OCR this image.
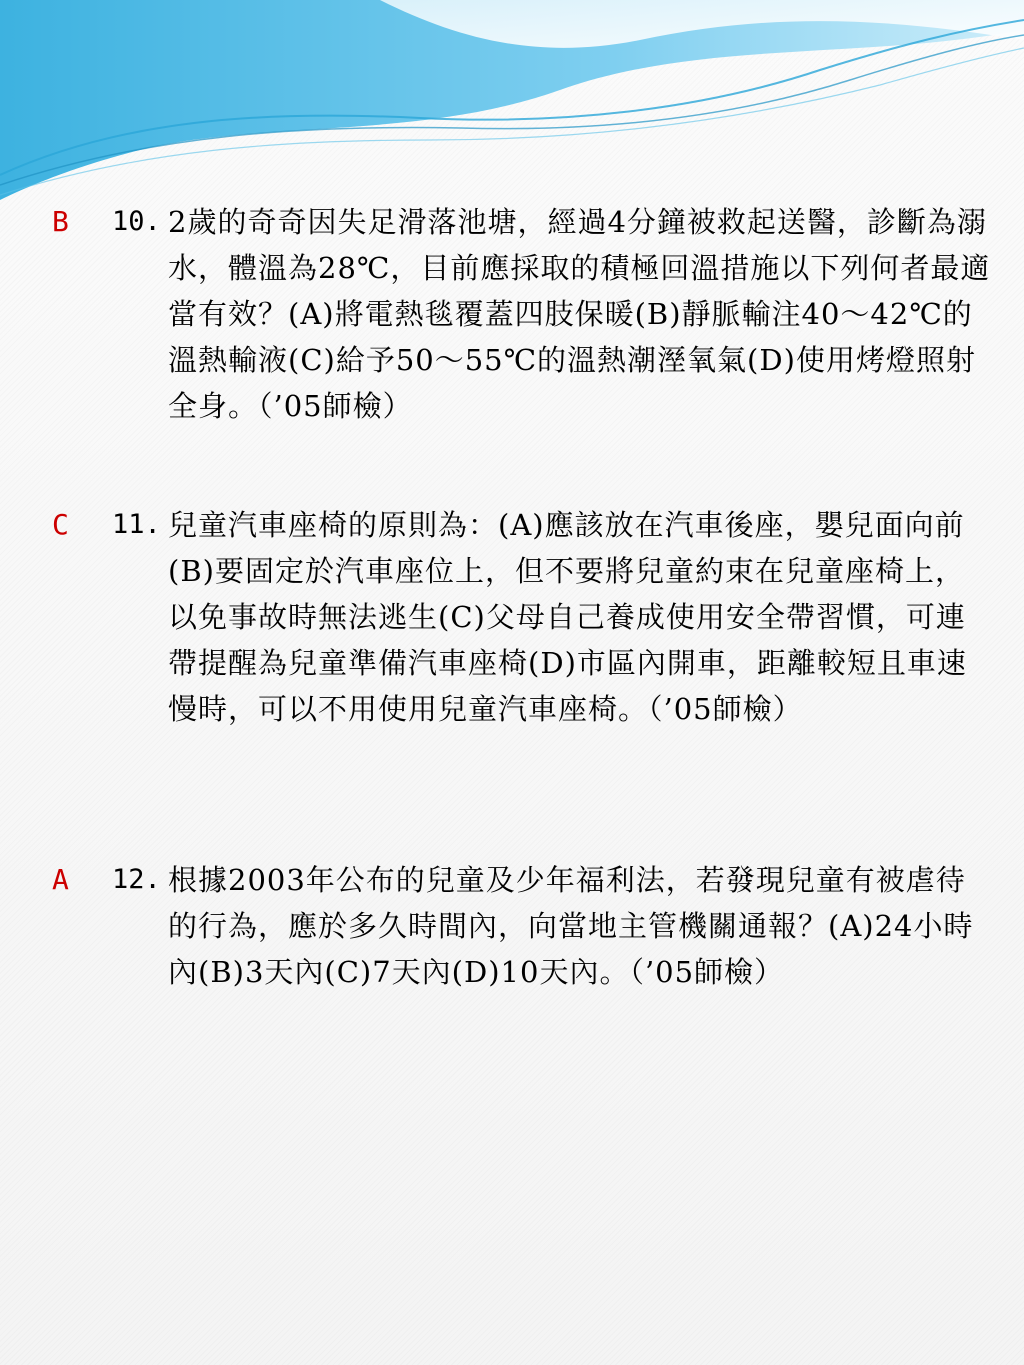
B	10. 2歲的奇奇因失足滑落池塘，經過4分鐘被救起送醫，診斷為溺水，體溫為28℃，目前應採取的積極回溫措施以下列何者最適當有效？(A)將電熱毯覆蓋四肢保暖(B)靜脈輸注40～42℃的溫熱輸液(C)給予50～55℃的溫熱潮溼氧氣(D)使用烤燈照射全身。（’05師檢）
C	11. 兒童汽車座椅的原則為：(A)應該放在汽車後座，嬰兒面向前(B)要固定於汽車座位上，但不要將兒童約束在兒童座椅上，以免事故時無法逃生(C)父母自己養成使用安全帶習慣，可連帶提醒為兒童準備汽車座椅(D)市區內開車，距離較短且車速慢時，可以不用使用兒童汽車座椅。（’05師檢）
A	12. 根據2003年公布的兒童及少年福利法，若發現兒童有被虐待的行為，應於多久時間內，向當地主管機關通報？(A)24小時內(B)3天內(C)7天內(D)10天內。（’05師檢）
